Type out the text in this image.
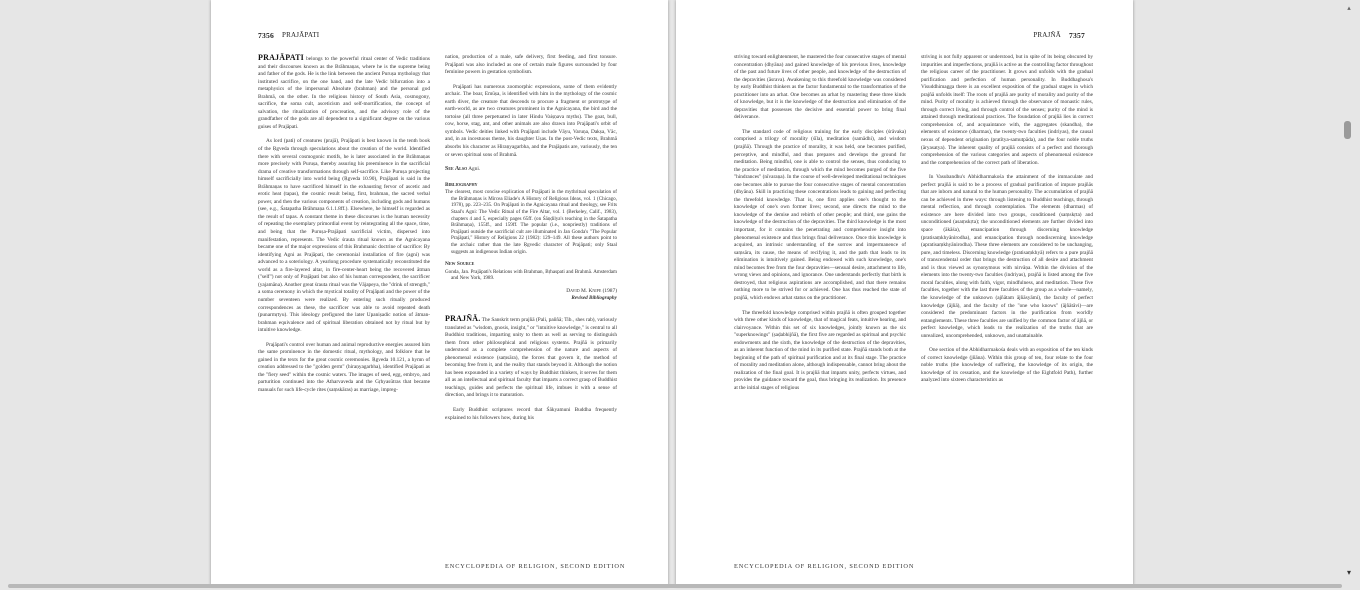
7356 PRAJĀPATI

PRAJĀPATI belongs to the powerful ritual center of Vedic traditions and their discourses known as the Brāhmaṇas, where he is the supreme being and father of the gods. He is the link between the ancient Puruṣa mythology that instituted sacrifice, on the one hand, and the late Vedic bifurcation into a metaphysics of the impersonal Absolute (brahman) and the personal god Brahmā, on the other. In the religious history of South Asia, cosmogony, sacrifice, the soma cult, asceticism and self-mortification, the concept of salvation, the ritualization of procreation, and the advisory role of the grandfather of the gods are all dependent to a significant degree on the various guises of Prajāpati.

As lord (pati) of creatures (prajā), Prajāpati is best known in the tenth book of the Ṛgveda through speculations about the creation of the world. Identified there with several cosmogonic motifs, he is later associated in the Brāhmaṇas more precisely with Puruṣa, thereby assuring his preeminence in the sacrificial drama of creative transformations through self-sacrifice. Like Puruṣa projecting himself sacrificially into world being (Ṛgveda 10.90), Prajāpati is said in the Brāhmaṇas to have sacrificed himself in the exhausting fervor of ascetic and erotic heat (tapas), the cosmic result being, first, brahman, the sacred verbal power, and then the various components of creation, including gods and humans (see, e.g., Śatapatha Brāhmaṇa 6.1.1.8ff.). Elsewhere, he himself is regarded as the result of tapas. A constant theme in these discourses is the human necessity of repeating the exemplary primordial event by reintegrating all the space, time, and being that the Puruṣa-Prajāpati sacrificial victim, dispersed into manifestation, represents. The Vedic śrauta ritual known as the Agnicayana became one of the major expressions of this Brahmanic doctrine of sacrifice: By identifying Agni as Prajāpati, the ceremonial installation of fire (agni) was advanced to a soteriology. A yearlong procedure systematically reconstituted the world as a fire-layered altar, in fire-center-heart being the recovered ātman ("self") not only of Prajāpati but also of his human correspondent, the sacrificer (yajamāna). Another great śrauta ritual was the Vājapeya, the "drink of strength," a soma ceremony in which the mystical totality of Prajāpati and the power of the number seventeen were realized. By entering such ritually produced correspondences as these, the sacrificer was able to avoid repeated death (punarmṛtyu). This ideology prefigured the later Upaniṣadic notion of ātman-brahman equivalence and of spiritual liberation obtained not by ritual but by intuitive knowledge.

Prajāpati's control over human and animal reproductive energies assured him the same prominence in the domestic ritual, mythology, and folklore that he gained in the texts for the great cosmic ceremonies. Ṛgveda 10.121, a hymn of creation addressed to the "golden germ" (hiraṇyagarbha), identified Prajāpati as the "fiery seed" within the cosmic waters. The images of seed, egg, embryo, and parturition continued into the Atharvaveda and the Gṛhyasūtras that became manuals for such life-cycle rites (saṃskāras) as marriage, impreg-

nation, production of a male, safe delivery, first feeding, and first tonsure. Prajāpati was also included as one of certain male figures surrounded by four feminine powers in gestation symbolism.

Prajāpati has numerous zoomorphic expressions, some of them evidently archaic. The boar, Emūṣa, is identified with him in the mythology of the cosmic earth diver, the creature that descends to procure a fragment or protrotype of earth-world, as are two creatures prominent in the Agnicayana, the bird and the tortoise (all three perpetuated in later Hindu Vaiṣṇava myths). The goat, bull, cow, horse, stag, ant, and other animals are also drawn into Prajāpati's orbit of symbols. Vedic deities linked with Prajāpati include Vāyu, Varuṇa, Dakṣa, Vāc, and, in an incestuous theme, his daughter Uṣas. In the post-Vedic texts, Brahmā absorbs his character as Hiraṇyagarbha, and the Prajāpatis are, variously, the ten or seven spiritual sons of Brahmā.

See Also Agni.
Bibliography
The clearest, most concise explication of Prajāpati in the mythritual speculation of the Brāhmaṇas is Mircea Eliade's A History of Religious Ideas, vol. 1 (Chicago, 1978), pp. 223–235. On Prajāpati in the Agnicayana ritual and theology, see Frits Staal's Agni: The Vedic Ritual of the Fire Altar, vol. 1 (Berkeley, Calif., 1983), chapters 4 and 5, especially pages 65ff. (on Śāṇḍilya's teaching in the Śatapatha Brāhmaṇa), 155ff., and 159ff. The popular (i.e., nonpriestly) traditions of Prajāpati outside the sacrificial cult are illuminated in Jan Gonda's "The Popular Prajāpati," History of Religions 22 (1982): 129–149. All these authors point to the archaic rather than the late Ṛgvedic character of Prajāpati; only Staal suggests an indigenous Indian origin.
New Source
Gonda, Jan. Prajāpati's Relations with Brahman, Bṛhaspati and Brahmā. Amsterdam and New York, 1989.
David M. Knipe (1987)
Revised Bibliography

PRAJÑĀ. The Sanskrit term prajñā (Pali, paññā; Tib., shes rab), variously translated as "wisdom, gnosis, insight," or "intuitive knowledge," is central to all Buddhist traditions, imparting unity to them as well as serving to distinguish them from other philosophical and religious systems. Prajñā is primarily understood as a complete comprehension of the nature and aspects of phenomenal existence (saṃsāra), the forces that govern it, the method of becoming free from it, and the reality that stands beyond it. Although the notion has been expounded in a variety of ways by Buddhist thinkers, it serves for them all as an intellectual and spiritual faculty that imparts a correct grasp of Buddhist teachings, guides and perfects the spiritual life, imbues it with a sense of direction, and brings it to maturation.

Early Buddhist scriptures record that Śākyamuni Buddha frequently explained to his followers how, during his

ENCYCLOPEDIA OF RELIGION, SECOND EDITION
PRAJÑĀ 7357

striving toward enlightenment, he mastered the four consecutive stages of mental concentration (dhyāna) and gained knowledge of his previous lives, knowledge of the past and future lives of other people, and knowledge of the destruction of the depravities (āsrava). Awakening to this threefold knowledge was considered by early Buddhist thinkers as the factor fundamental to the transformation of the practitioner into an arhat. One becomes an arhat by mastering these three kinds of knowledge, but it is the knowledge of the destruction and elimination of the depravities that possesses the decisive and essential power to bring final deliverance.

The standard code of religious training for the early disciples (śrāvaka) comprised a trilogy of morality (śīla), meditation (samādhi), and wisdom (prajñā). Through the practice of morality, it was held, one becomes purified, perceptive, and mindful, and thus prepares and develops the ground for meditation. Being mindful, one is able to control the senses, thus conducing to the practice of meditation, through which the mind becomes purged of the five "hindrances" (nīvaraṇa). In the course of well-developed meditational techniques one becomes able to pursue the four consecutive stages of mental concentration (dhyāna). Skill in practicing these concentrations leads to gaining and perfecting the threefold knowledge. That is, one first applies one's thought to the knowledge of one's own former lives; second, one directs the mind to the knowledge of the demise and rebirth of other people; and third, one gains the knowledge of the destruction of the depravities. The third knowledge is the most important, for it contains the penetrating and comprehensive insight into phenomenal existence and thus brings final deliverance. Once this knowledge is acquired, an intrinsic understanding of the sorrow and impermanence of saṃsāra, its cause, the means of recifying it, and the path that leads to its elimination is intuitively gained. Being endowed with such knowledge, one's mind becomes free from the four depravities—sensual desire, attachment to life, wrong views and opinions, and ignorance. One understands perfectly that birth is destroyed, that religious aspirations are accomplished, and that there remains nothing more to be strived for or achieved. One has thus reached the state of prajñā, which endows arhat status on the practitioner.

The threefold knowledge comprised within prajñā is often grouped together with three other kinds of knowledge, that of magical feats, intuitive hearing, and clairvoyance. Within this set of six knowledges, jointly known as the six "superknowings" (ṣaḍabhijñā), the first five are regarded as spiritual and psychic endowments and the sixth, the knowledge of the destruction of the depravities, as an inherent function of the mind in its purified state. Prajñā stands both at the beginning of the path of spiritual purification and at its final stage. The practice of morality and meditation alone, although indispensable, cannot bring about the realization of the final goal. It is prajñā that imparts unity, perfects virtues, and provides the guidance toward the goal, thus bringing its realization. Its presence at the initial stages of religious

striving is not fully apparent or understood, but in spite of its being obscured by impurities and imperfections, prajñā is active as the controlling factor throughout the religious career of the practitioner. It grows and unfolds with the gradual purification and perfection of human personality. In Buddhaghosa's Visuddhimagga there is an excellent exposition of the gradual stages in which prajñā unfolds itself: The roots of prajñā are purity of morality and purity of the mind. Purity of morality is achieved through the observance of monastic rules, through correct living, and through control of the senses; purity of the mind is attained through meditational practices. The foundation of prajñā lies in correct comprehension of, and acquaintance with, the aggregates (skandha), the elements of existence (dharmas), the twenty-two faculties (indriyas), the causal nexus of dependent origination (pratītya-samutpāda), and the four noble truths (āryasatya). The inherent quality of prajñā consists of a perfect and thorough comprehension of the various categories and aspects of phenomenal existence and the comprehension of the correct path of liberation.

In Vasubandhu's Abhidharmakośa the attainment of the immaculate and perfect prajñā is said to be a process of gradual purification of impure prajñās that are inborn and natural to the human personality. The accumulation of prajñā can be achieved in three ways: through listening to Buddhist teachings, through mental reflection, and through contemplation. The elements (dharmas) of existence are here divided into two groups, conditioned (saṃskṛta) and unconditioned (asaṃskṛta); the unconditioned elements are further divided into space (ākāśa), emancipation through discerning knowledge (pratisaṃkhyānirodha), and emancipation through nondiscerning knowledge (apratisaṃkhyānirodha). These three elements are considered to be unchanging, pure, and timeless. Discerning knowledge (pratisaṃkhyā) refers to a pure prajñā of transcendental order that brings the destruction of all desire and attachment and is thus viewed as synonymous with nirvāṇa. Within the division of the elements into the twenty-two faculties (indriyas), prajñā is listed among the five moral faculties, along with faith, vigor, mindfulness, and meditation. These five faculties, together with the last three faculties of the group as a whole—namely, the knowledge of the unknown (ajñātam ājñāsyāmi), the faculty of perfect knowledge (ājñā), and the faculty of the "one who knows" (ājñātāvi)—are considered the predominant factors in the purification from worldly entanglements. These three faculties are unified by the common factor of ājñā, or perfect knowledge, which leads to the realization of the truths that are unrealized, uncomprehended, unknown, and unattainable.

One section of the Abhidharmakośa deals with an exposition of the ten kinds of correct knowledge (jñāna). Within this group of ten, four relate to the four noble truths (the knowledge of suffering, the knowledge of its origin, the knowledge of its cessation, and the knowledge of the Eightfold Path), further analyzed into sixteen characteristics as

ENCYCLOPEDIA OF RELIGION, SECOND EDITION
▴
▾
